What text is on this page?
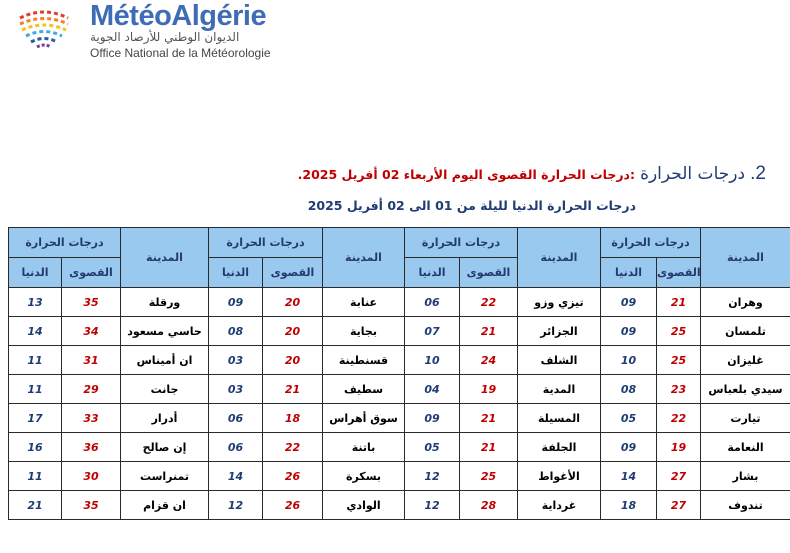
MétéoAlgérie
الديوان الوطني للأرصاد الجوية
Office National de la Météorologie
2. درجات الحرارة :درجات الحرارة القصوى اليوم الأربعاء 02 أفريل 2025.
درجات الحرارة الدنيا لليلة من 01 الى 02 أفريل 2025
درجات الحرارة		المدينة	درجات الحرارة		المدينة	درجات الحرارة		المدينة	درجات الحرارة		المدينة
الدنيا	القصوى		الدنيا	القصوى		الدنيا	القصوى		الدنيا	القصوى	
13	35	ورقلة	09	20	عنابة	06	22	تيزي وزو	09	21	وهران
14	34	حاسي مسعود	08	20	بجاية	07	21	الجزائر	09	25	تلمسان
11	31	ان أميناس	03	20	قسنطينة	10	24	الشلف	10	25	غليزان
11	29	جانت	03	21	سطيف	04	19	المدية	08	23	سيدي بلعباس
17	33	أدرار	06	18	سوق أهراس	09	21	المسيلة	05	22	تيارت
16	36	إن صالح	06	22	باتنة	05	21	الجلفة	09	19	النعامة
11	30	تمنراست	14	26	بسكرة	12	25	الأغواط	14	27	بشار
21	35	ان قزام	12	26	الوادي	12	28	غرداية	18	27	تندوف
